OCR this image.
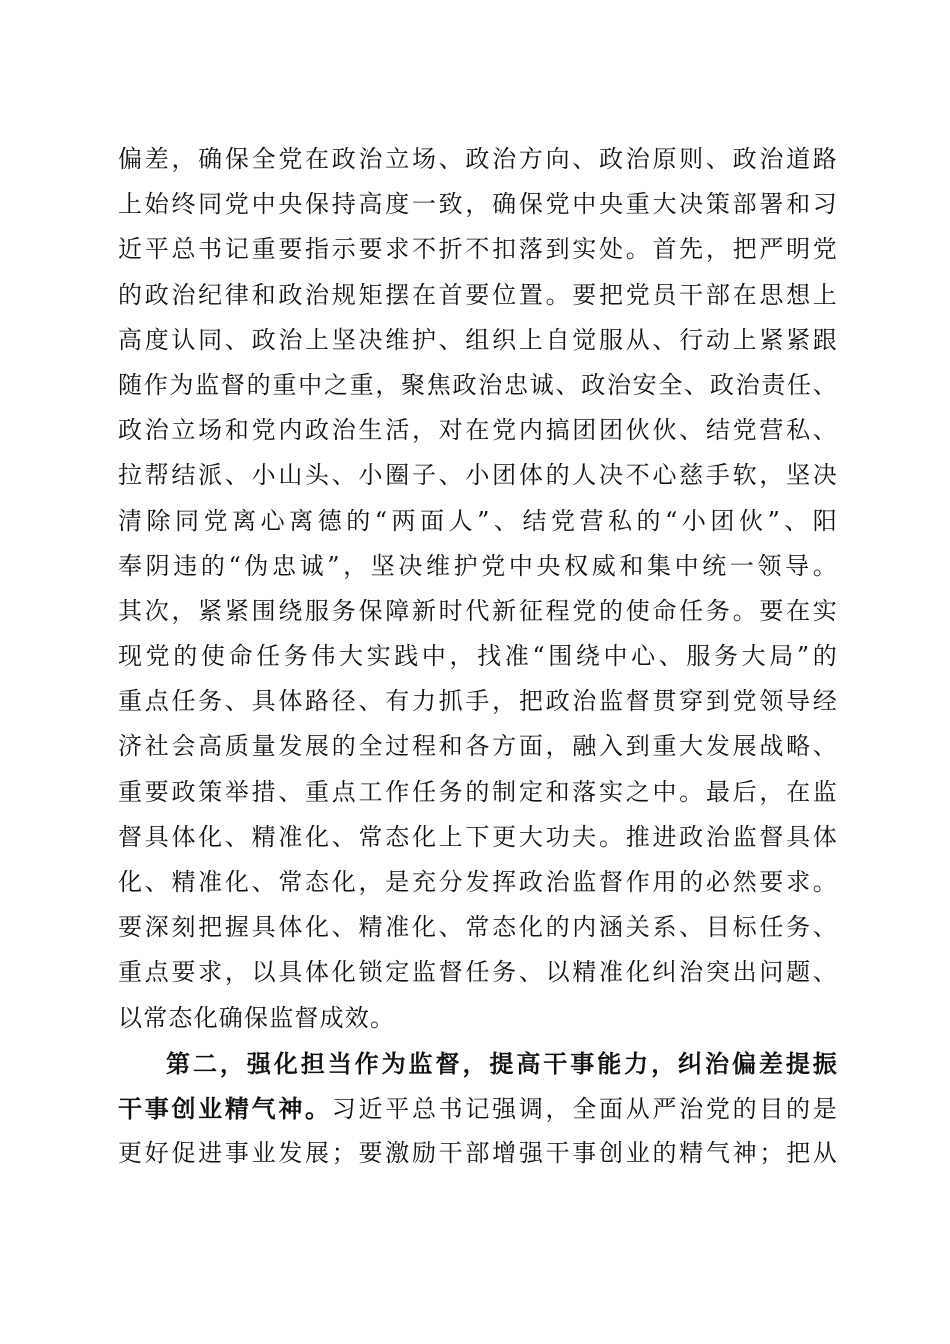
偏差，确保全党在政治立场、政治方向、政治原则、政治道路
上始终同党中央保持高度一致，确保党中央重大决策部署和习
近平总书记重要指示要求不折不扣落到实处。首先，把严明党
的政治纪律和政治规矩摆在首要位置。要把党员干部在思想上
高度认同、政治上坚决维护、组织上自觉服从、行动上紧紧跟
随作为监督的重中之重，聚焦政治忠诚、政治安全、政治责任、
政治立场和党内政治生活，对在党内搞团团伙伙、结党营私、
拉帮结派、小山头、小圈子、小团体的人决不心慈手软，坚决
清除同党离心离德的“两面人”、结党营私的“小团伙”、阳
奉阴违的“伪忠诚”，坚决维护党中央权威和集中统一领导。
其次，紧紧围绕服务保障新时代新征程党的使命任务。要在实
现党的使命任务伟大实践中，找准“围绕中心、服务大局”的
重点任务、具体路径、有力抓手，把政治监督贯穿到党领导经
济社会高质量发展的全过程和各方面，融入到重大发展战略、
重要政策举措、重点工作任务的制定和落实之中。最后，在监
督具体化、精准化、常态化上下更大功夫。推进政治监督具体
化、精准化、常态化，是充分发挥政治监督作用的必然要求。
要深刻把握具体化、精准化、常态化的内涵关系、目标任务、
重点要求，以具体化锁定监督任务、以精准化纠治突出问题、
以常态化确保监督成效。
第二，强化担当作为监督，提高干事能力，纠治偏差提振
干事创业精气神。习近平总书记强调，全面从严治党的目的是
更好促进事业发展；要激励干部增强干事创业的精气神；把从
